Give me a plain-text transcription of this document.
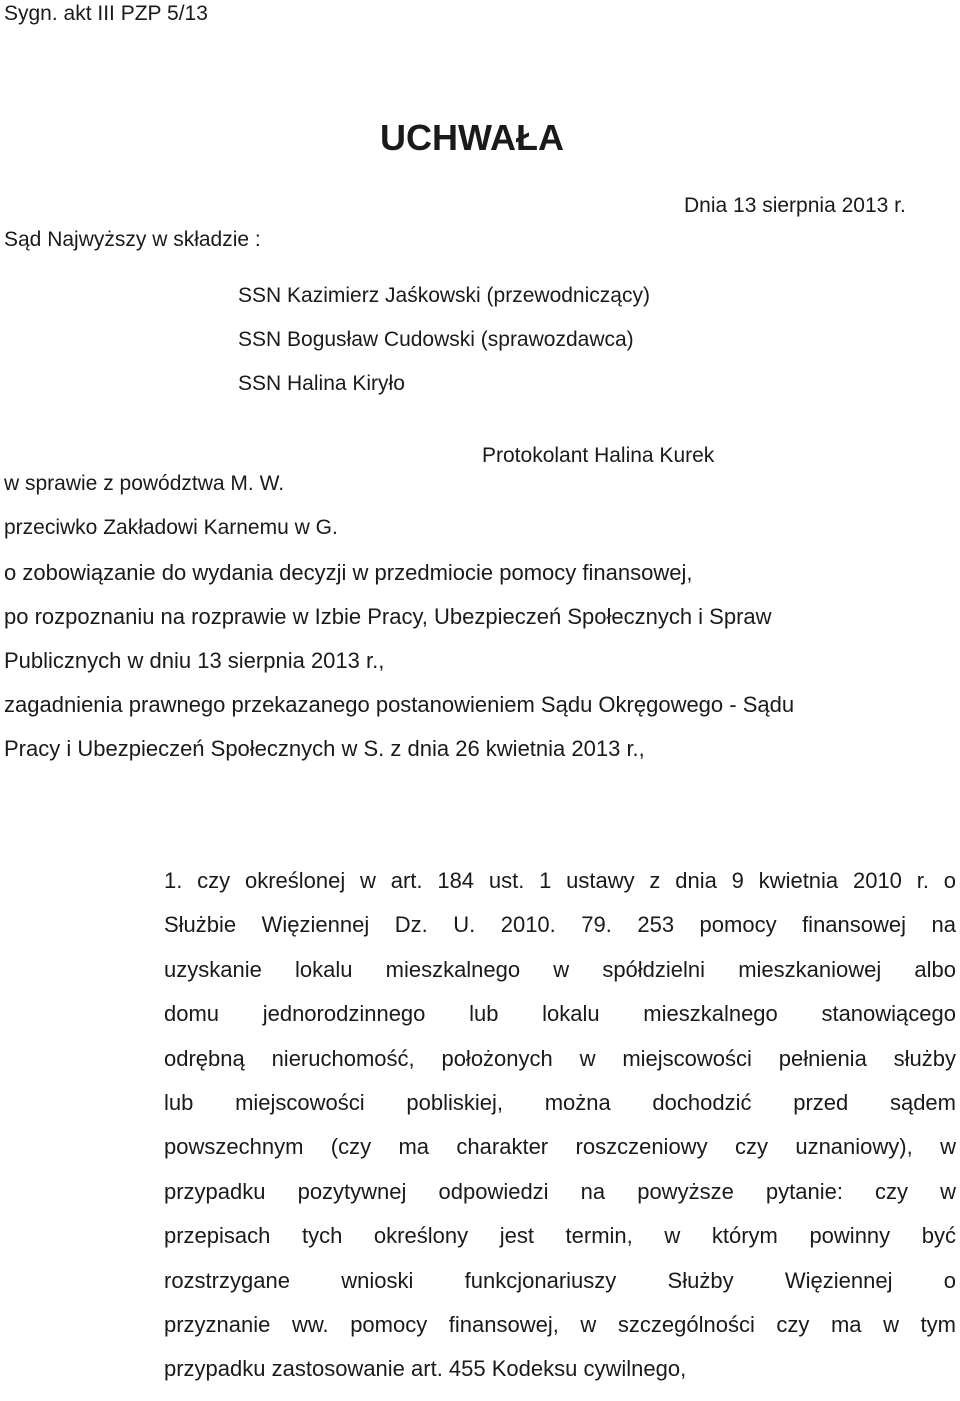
Sygn. akt III PZP 5/13
UCHWAŁA
Dnia 13 sierpnia 2013 r.
Sąd Najwyższy w składzie :
SSN Kazimierz Jaśkowski (przewodniczący)
SSN Bogusław Cudowski (sprawozdawca)
SSN Halina Kiryło
Protokolant Halina Kurek
w sprawie z powództwa M. W.
przeciwko Zakładowi Karnemu w G.
o zobowiązanie do wydania decyzji w przedmiocie pomocy finansowej,
po rozpoznaniu na rozprawie w Izbie Pracy, Ubezpieczeń Społecznych i Spraw
Publicznych w dniu 13 sierpnia 2013 r.,
zagadnienia prawnego przekazanego postanowieniem Sądu Okręgowego - Sądu
Pracy i Ubezpieczeń Społecznych w S. z dnia 26 kwietnia 2013 r.,
1. czy określonej w art. 184 ust. 1 ustawy z dnia 9 kwietnia 2010 r. o
Służbie Więziennej Dz. U. 2010. 79. 253 pomocy finansowej na
uzyskanie lokalu mieszkalnego w spółdzielni mieszkaniowej albo
domu jednorodzinnego lub lokalu mieszkalnego stanowiącego
odrębną nieruchomość, położonych w miejscowości pełnienia służby
lub miejscowości pobliskiej, można dochodzić przed sądem
powszechnym (czy ma charakter roszczeniowy czy uznaniowy), w
przypadku pozytywnej odpowiedzi na powyższe pytanie: czy w
przepisach tych określony jest termin, w którym powinny być
rozstrzygane wnioski funkcjonariuszy Służby Więziennej o
przyznanie ww. pomocy finansowej, w szczególności czy ma w tym
przypadku zastosowanie art. 455 Kodeksu cywilnego,
